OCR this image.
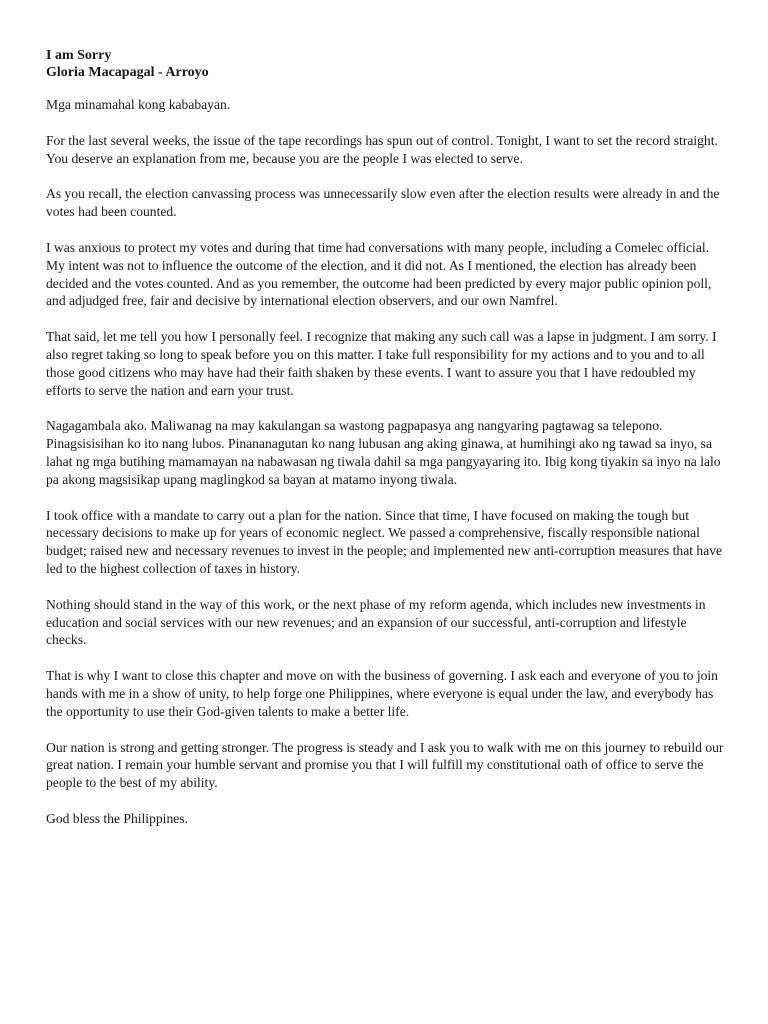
I am Sorry

Gloria Macapagal - Arroyo

Mga minamahal kong kababayan.

For the last several weeks, the issue of the tape recordings has spun out of control. Tonight, I want to set the record straight. You deserve an explanation from me, because you are the people I was elected to serve.

As you recall, the election canvassing process was unnecessarily slow even after the election results were already in and the votes had been counted.

I was anxious to protect my votes and during that time had conversations with many people, including a Comelec official. My intent was not to influence the outcome of the election, and it did not. As I mentioned, the election has already been decided and the votes counted. And as you remember, the outcome had been predicted by every major public opinion poll, and adjudged free, fair and decisive by international election observers, and our own Namfrel.

That said, let me tell you how I personally feel. I recognize that making any such call was a lapse in judgment. I am sorry. I also regret taking so long to speak before you on this matter. I take full responsibility for my actions and to you and to all those good citizens who may have had their faith shaken by these events. I want to assure you that I have redoubled my efforts to serve the nation and earn your trust.

Nagagambala ako. Maliwanag na may kakulangan sa wastong pagpapasya ang nangyaring pagtawag sa telepono. Pinagsisisihan ko ito nang lubos. Pinananagutan ko nang lubusan ang aking ginawa, at humihingi ako ng tawad sa inyo, sa lahat ng mga butihing mamamayan na nabawasan ng tiwala dahil sa mga pangyayaring ito. Ibig kong tiyakin sa inyo na lalo pa akong magsisikap upang maglingkod sa bayan at matamo inyong tiwala.

I took office with a mandate to carry out a plan for the nation. Since that time, I have focused on making the tough but necessary decisions to make up for years of economic neglect. We passed a comprehensive, fiscally responsible national budget; raised new and necessary revenues to invest in the people; and implemented new anti-corruption measures that have led to the highest collection of taxes in history.

Nothing should stand in the way of this work, or the next phase of my reform agenda, which includes new investments in education and social services with our new revenues; and an expansion of our successful, anti-corruption and lifestyle checks.

That is why I want to close this chapter and move on with the business of governing. I ask each and everyone of you to join hands with me in a show of unity, to help forge one Philippines, where everyone is equal under the law, and everybody has the opportunity to use their God-given talents to make a better life.

Our nation is strong and getting stronger. The progress is steady and I ask you to walk with me on this journey to rebuild our great nation. I remain your humble servant and promise you that I will fulfill my constitutional oath of office to serve the people to the best of my ability.

God bless the Philippines.
